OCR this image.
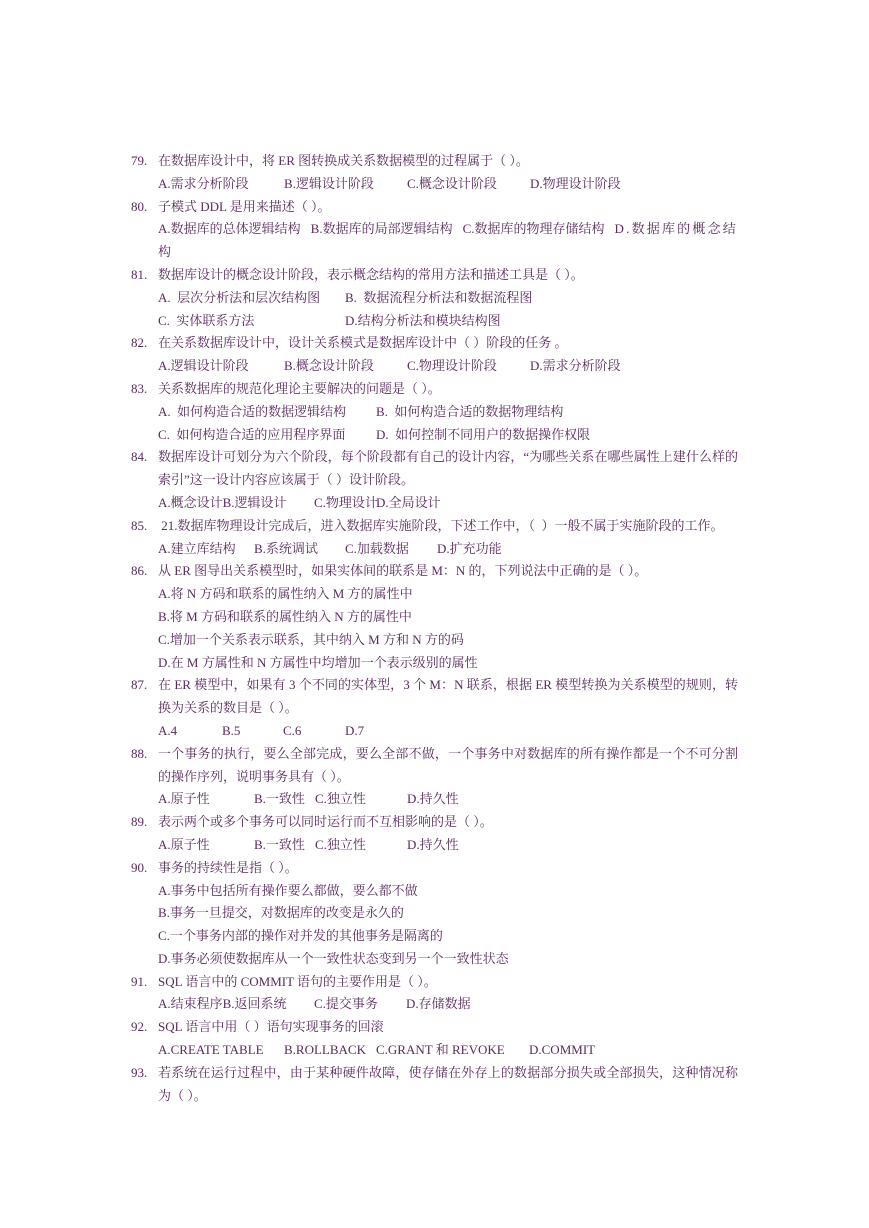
79. 在数据库设计中，将 ER 图转换成关系数据模型的过程属于（ ）。
A.需求分析阶段	B.逻辑设计阶段	C.概念设计阶段	D.物理设计阶段
80. 子模式 DDL 是用来描述（ ）。
A.数据库的总体逻辑结构 B.数据库的局部逻辑结构 C.数据库的物理存储结构 D.数据库的概念结
构
81. 数据库设计的概念设计阶段，表示概念结构的常用方法和描述工具是（ ）。
A.  层次分析法和层次结构图	B.  数据流程分析法和数据流程图
C.  实体联系方法	D.结构分析法和模块结构图
82. 在关系数据库设计中，设计关系模式是数据库设计中（ ）阶段的任务 。
A.逻辑设计阶段	B.概念设计阶段	C.物理设计阶段	D.需求分析阶段
83. 关系数据库的规范化理论主要解决的问题是（ ）。
A.  如何构造合适的数据逻辑结构	B.  如何构造合适的数据物理结构
C.  如何构造合适的应用程序界面	D.  如何控制不同用户的数据操作权限
84. 数据库设计可划分为六个阶段，每个阶段都有自己的设计内容，“为哪些关系在哪些属性上建什么样的
索引”这一设计内容应该属于（ ）设计阶段。
A.概念设计B.逻辑设计	C.物理设计
D.全局设计
85. 21.数据库物理设计完成后，进入数据库实施阶段，下述工作中，（  ）一般不属于实施阶段的工作。
A.建立库结构	B.系统调试	C.加载数据	D.扩充功能
86. 从 ER 图导出关系模型时，如果实体间的联系是 M：N 的，下列说法中正确的是（ ）。
A.将 N 方码和联系的属性纳入 M 方的属性中
B.将 M 方码和联系的属性纳入 N 方的属性中
C.增加一个关系表示联系，其中纳入 M 方和 N 方的码
D.在 M 方属性和 N 方属性中均增加一个表示级别的属性
87. 在 ER 模型中，如果有 3 个不同的实体型，3 个 M：N 联系，根据 ER 模型转换为关系模型的规则，转
换为关系的数目是（ ）。
A.4	B.5	C.6	D.7
88. 一个事务的执行，要么全部完成，要么全部不做，一个事务中对数据库的所有操作都是一个不可分割
的操作序列，说明事务具有（ ）。
A.原子性	B.一致性 C.独立性	D.持久性
89. 表示两个或多个事务可以同时运行而不互相影响的是（ ）。
A.原子性	B.一致性 C.独立性	D.持久性
90. 事务的持续性是指（ ）。
A.事务中包括所有操作要么都做，要么都不做
B.事务一旦提交，对数据库的改变是永久的
C.一个事务内部的操作对并发的其他事务是隔离的
D.事务必须使数据库从一个一致性状态变到另一个一致性状态
91. SQL 语言中的 COMMIT 语句的主要作用是（ ）。
A.结束程序B.返回系统	C.提交事务	D.存储数据
92. SQL 语言中用（ ）语句实现事务的回滚
A.CREATE TABLE	B.ROLLBACK C.GRANT 和 REVOKE	D.COMMIT
93. 若系统在运行过程中，由于某种硬件故障，使存储在外存上的数据部分损失或全部损失，这种情况称
为（ ）。
